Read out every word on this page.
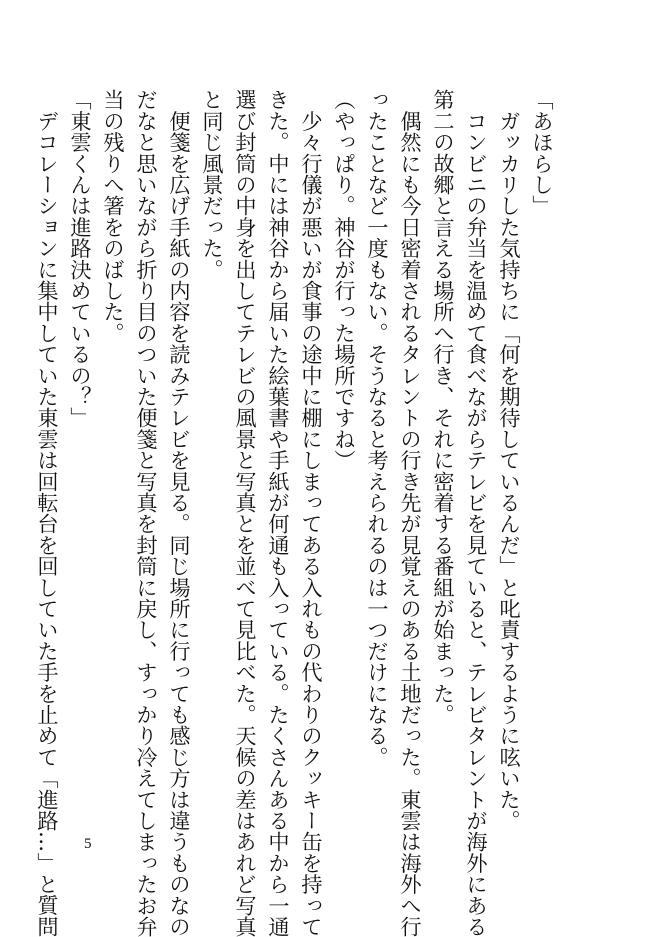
「あほらし」
　ガッカリした気持ちに「何を期待しているんだ」と叱責するように呟いた。
　コンビニの弁当を温めて食べながらテレビを見ていると、テレビタレントが海外にある
第二の故郷と言える場所へ行き、それに密着する番組が始まった。
　偶然にも今日密着されるタレントの行き先が見覚えのある土地だった。東雲は海外へ行
ったことなど一度もない。そうなると考えられるのは一つだけになる。
（やっぱり。神谷が行った場所ですね）
　少々行儀が悪いが食事の途中に棚にしまってある入れもの代わりのクッキー缶を持って
きた。中には神谷から届いた絵葉書や手紙が何通も入っている。たくさんある中から一通
選び封筒の中身を出してテレビの風景と写真とを並べて見比べた。天候の差はあれど写真
と同じ風景だった。
　便箋を広げ手紙の内容を読みテレビを見る。同じ場所に行っても感じ方は違うものなの
だなと思いながら折り目のついた便箋と写真を封筒に戻し、すっかり冷えてしまったお弁
当の残りへ箸をのばした。
「東雲くんは進路決めているの？」
　デコレーションに集中していた東雲は回転台を回していた手を止めて「進路…」と質問 5
